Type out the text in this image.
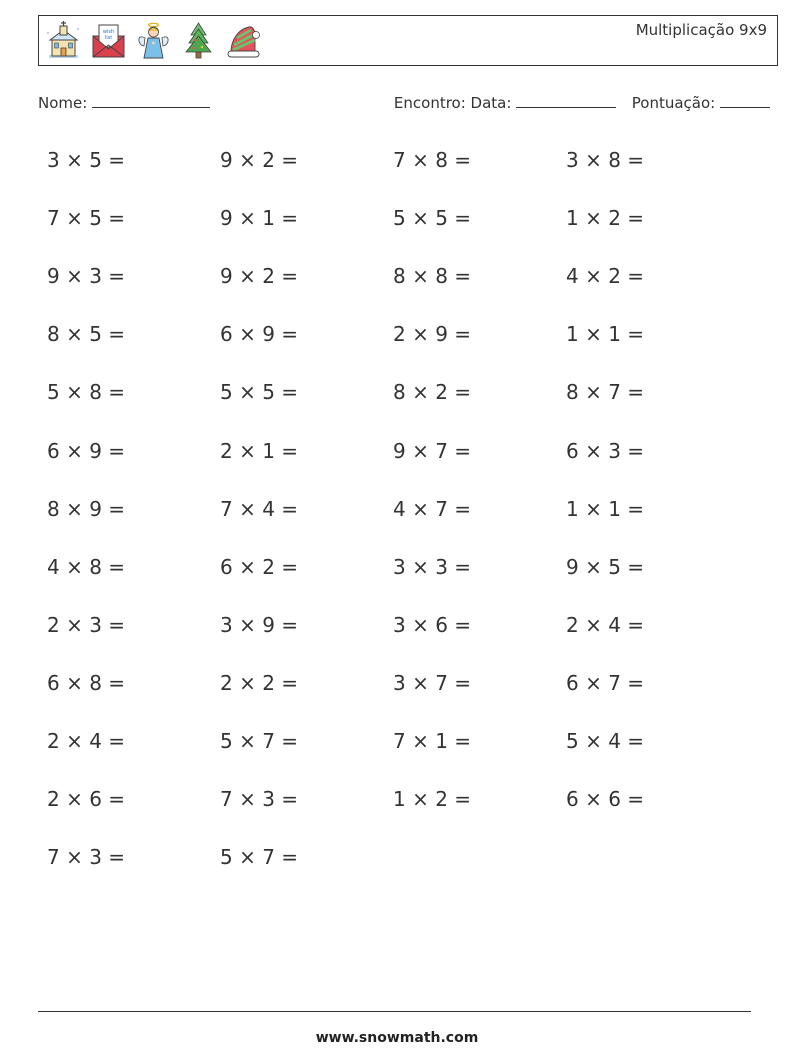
wish
list	Multiplicação 9x9
Nome:	Encontro: Data:	Pontuação:
3 × 5 =	9 × 2 =	7 × 8 =	3 × 8 =
7 × 5 =	9 × 1 =	5 × 5 =	1 × 2 =
9 × 3 =	9 × 2 =	8 × 8 =	4 × 2 =
8 × 5 =	6 × 9 =	2 × 9 =	1 × 1 =
5 × 8 =	5 × 5 =	8 × 2 =	8 × 7 =
6 × 9 =	2 × 1 =	9 × 7 =	6 × 3 =
8 × 9 =	7 × 4 =	4 × 7 =	1 × 1 =
4 × 8 =	6 × 2 =	3 × 3 =	9 × 5 =
2 × 3 =	3 × 9 =	3 × 6 =	2 × 4 =
6 × 8 =	2 × 2 =	3 × 7 =	6 × 7 =
2 × 4 =	5 × 7 =	7 × 1 =	5 × 4 =
2 × 6 =	7 × 3 =	1 × 2 =	6 × 6 =
7 × 3 =	5 × 7 =
www.snowmath.com
